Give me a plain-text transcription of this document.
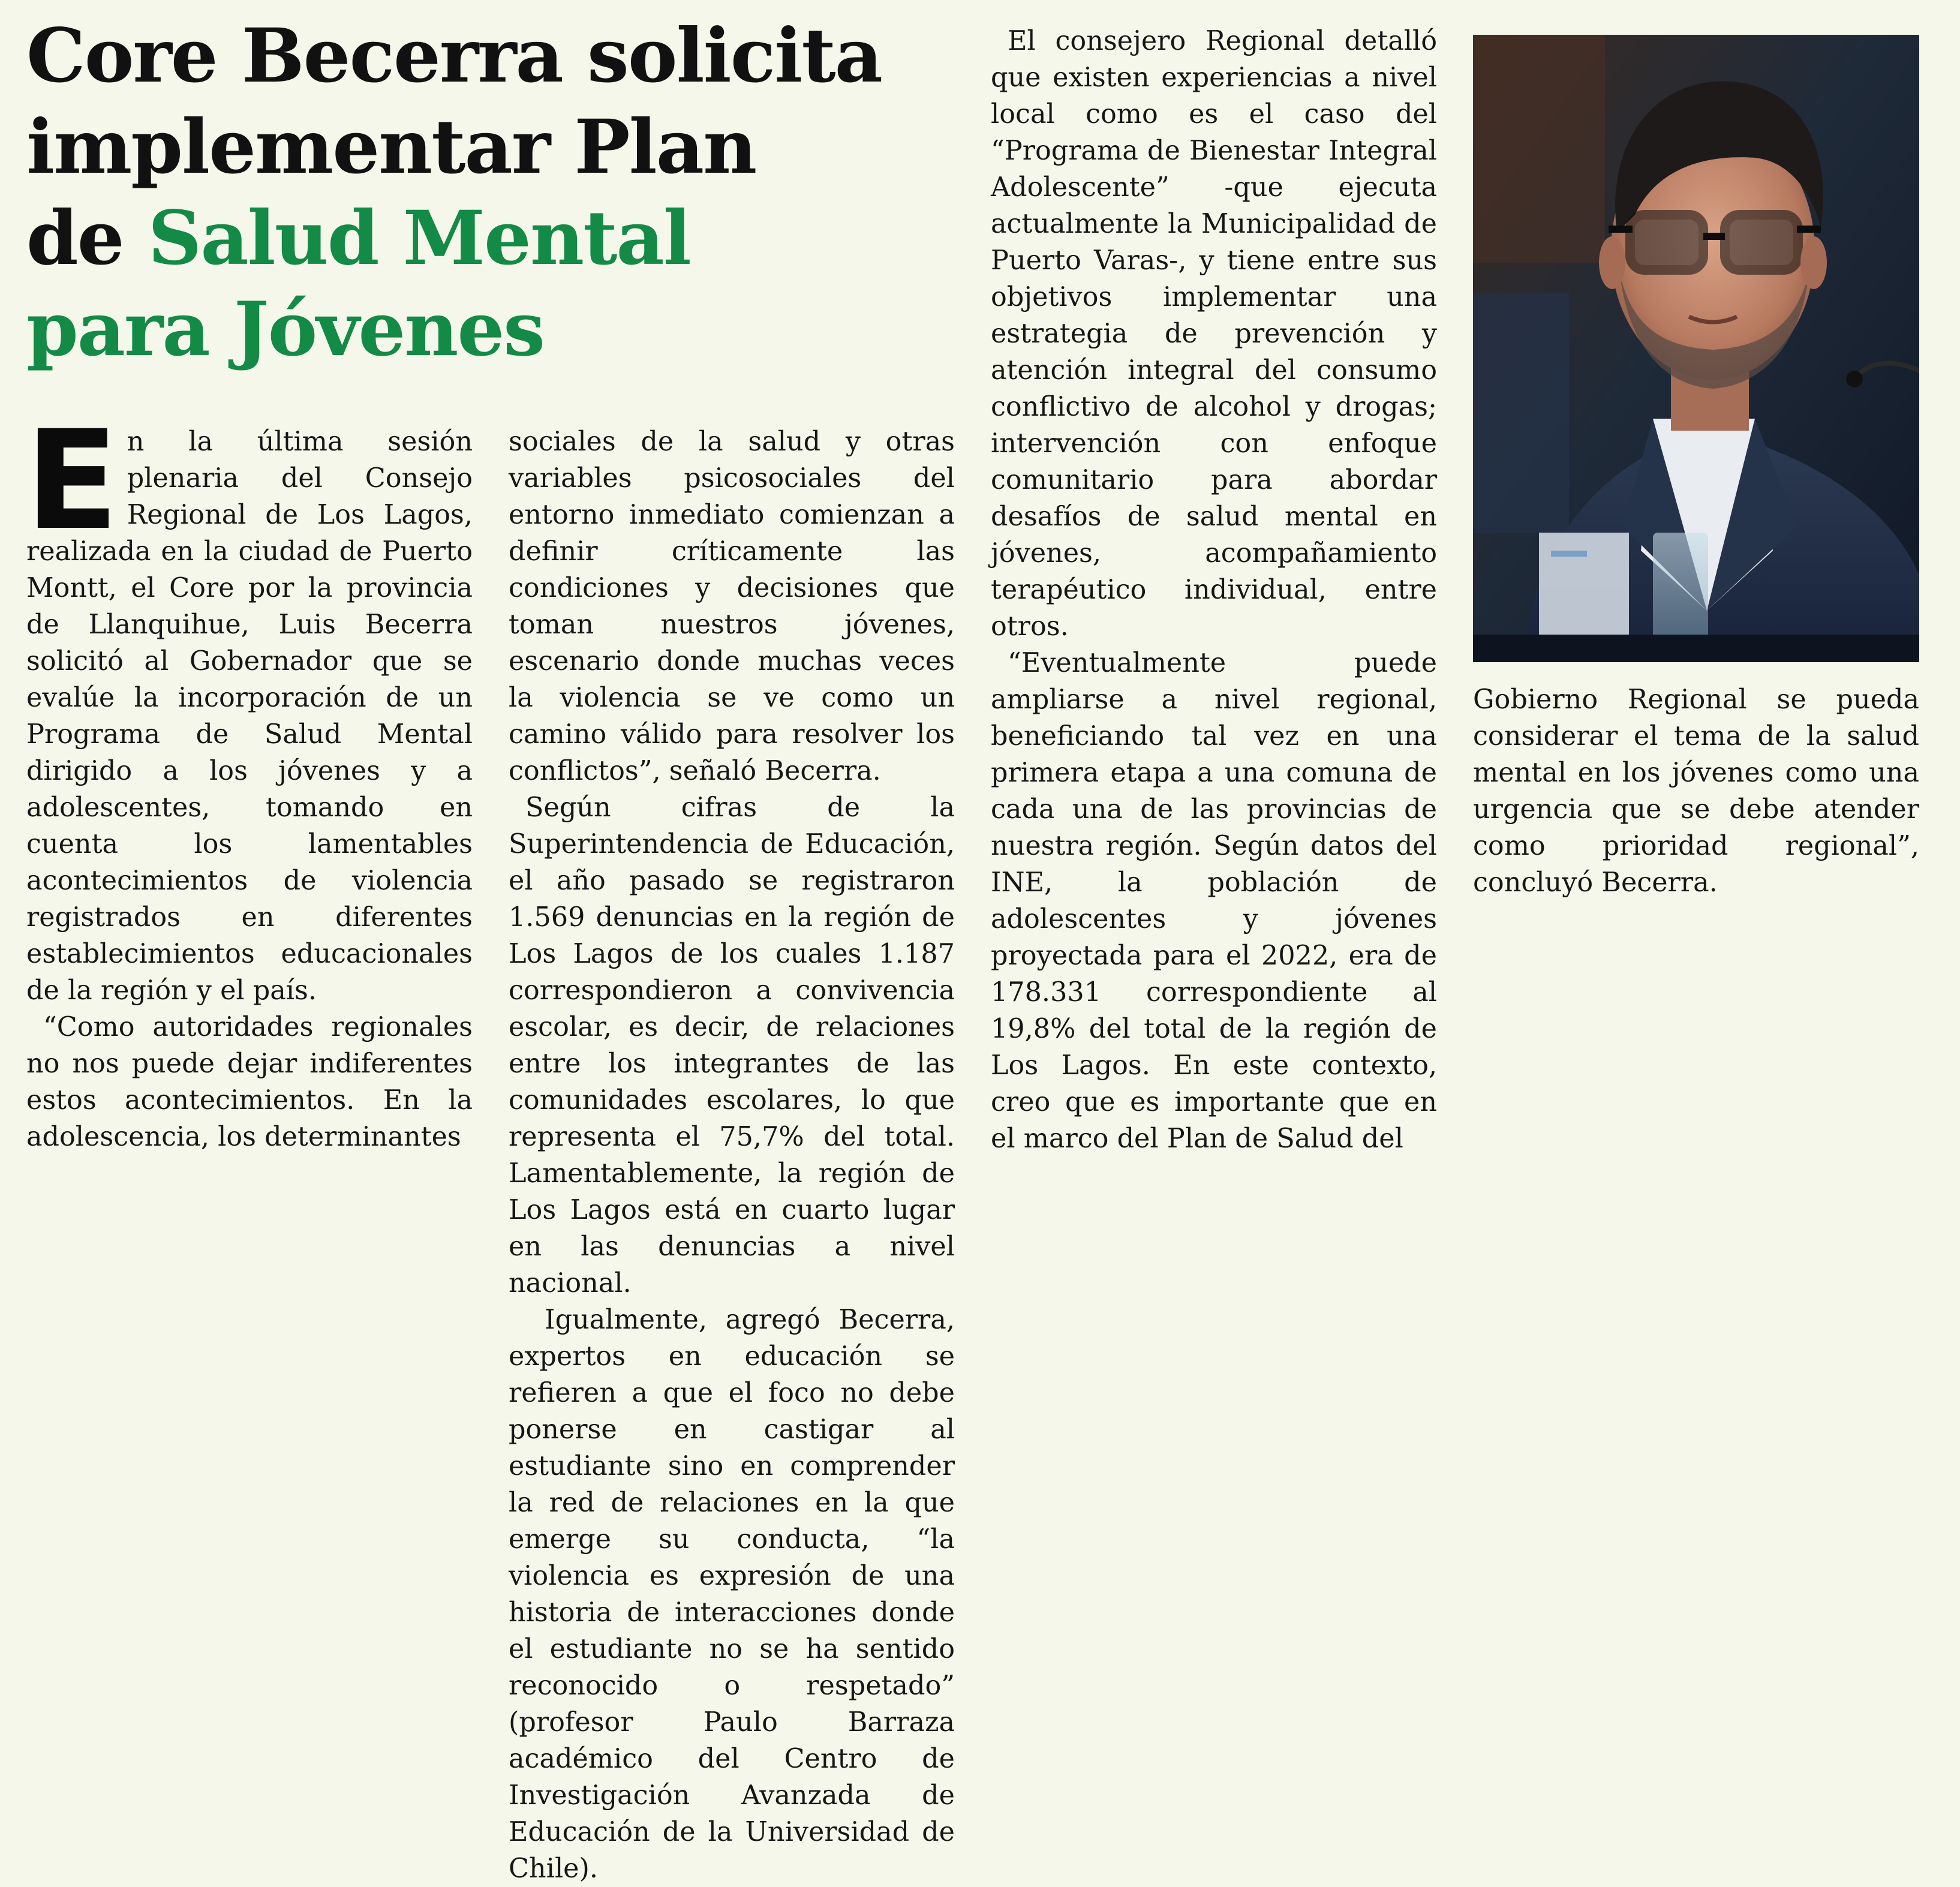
Core Becerra solicita
implementar Plan
de Salud Mental
para Jóvenes

En la última sesión plenaria del Consejo Regional de Los Lagos, realizada en la ciudad de Puerto Montt, el Core por la provincia de Llanquihue, Luis Becerra solicitó al Gobernador que se evalúe la incorporación de un Programa de Salud Mental dirigido a los jóvenes y a adolescentes, tomando en cuenta los lamentables acontecimientos de violencia registrados en diferentes establecimientos educacionales de la región y el país.

“Como autoridades regionales no nos puede dejar indiferentes estos acontecimientos. En la adolescencia, los determinantes

sociales de la salud y otras variables psicosociales del entorno inmediato comienzan a definir críticamente las condiciones y decisiones que toman nuestros jóvenes, escenario donde muchas veces la violencia se ve como un camino válido para resolver los conflictos”, señaló Becerra.

Según cifras de la Superintendencia de Educación, el año pasado se registraron 1.569 denuncias en la región de Los Lagos de los cuales 1.187 correspondieron a convivencia escolar, es decir, de relaciones entre los integrantes de las comunidades escolares, lo que representa el 75,7% del total. Lamentablemente, la región de Los Lagos está en cuarto lugar en las denuncias a nivel nacional.

Igualmente, agregó Becerra, expertos en educación se refieren a que el foco no debe ponerse en castigar al estudiante sino en comprender la red de relaciones en la que emerge su conducta, “la violencia es expresión de una historia de interacciones donde el estudiante no se ha sentido reconocido o respetado” (profesor Paulo Barraza académico del Centro de Investigación Avanzada de Educación de la Universidad de Chile).

El consejero Regional detalló que existen experiencias a nivel local como es el caso del “Programa de Bienestar Integral Adolescente” -que ejecuta actualmente la Municipalidad de Puerto Varas-, y tiene entre sus objetivos implementar una estrategia de prevención y atención integral del consumo conflictivo de alcohol y drogas; intervención con enfoque comunitario para abordar desafíos de salud mental en jóvenes, acompañamiento terapéutico individual, entre otros.

“Eventualmente puede ampliarse a nivel regional, beneficiando tal vez en una primera etapa a una comuna de cada una de las provincias de nuestra región. Según datos del INE, la población de adolescentes y jóvenes proyectada para el 2022, era de 178.331 correspondiente al 19,8% del total de la región de Los Lagos. En este contexto, creo que es importante que en el marco del Plan de Salud del

Gobierno Regional se pueda considerar el tema de la salud mental en los jóvenes como una urgencia que se debe atender como prioridad regional”, concluyó Becerra.
